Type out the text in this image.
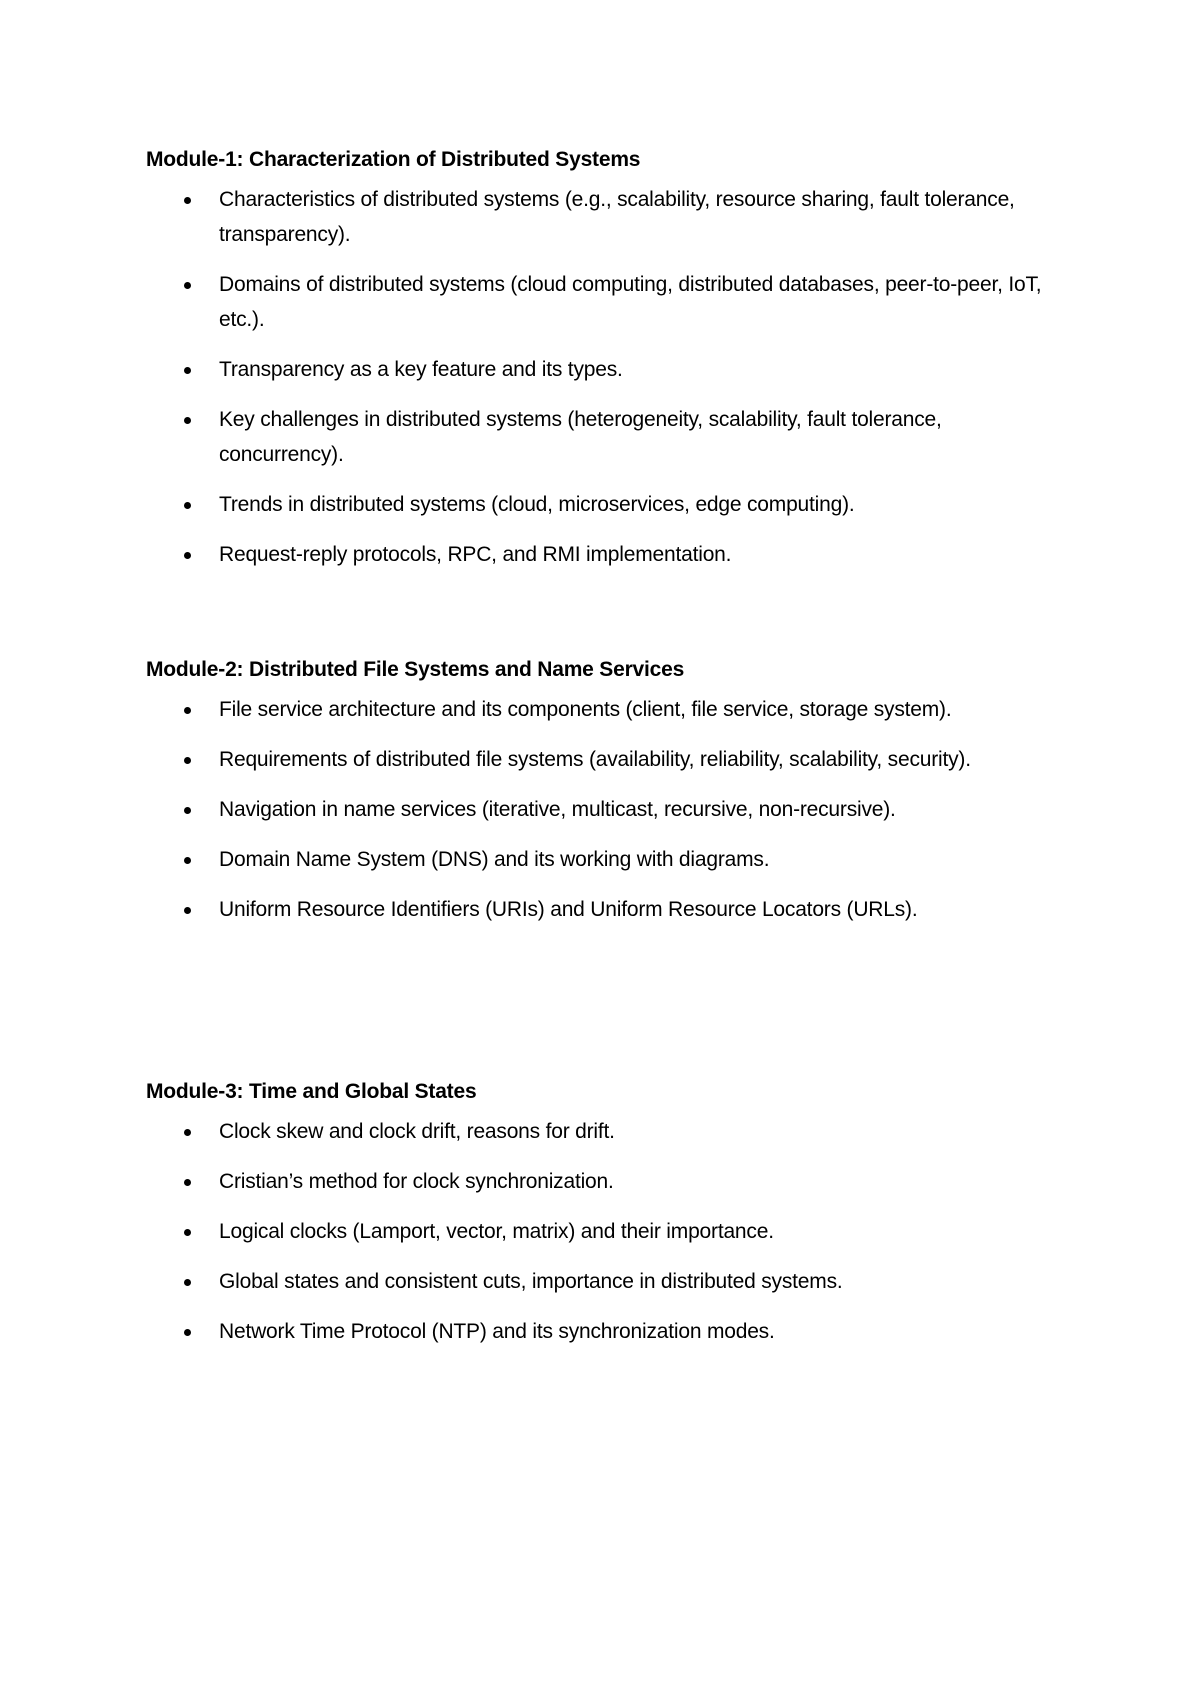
Module-1: Characterization of Distributed Systems
Characteristics of distributed systems (e.g., scalability, resource sharing, fault tolerance, transparency).
Domains of distributed systems (cloud computing, distributed databases, peer-to-peer, IoT, etc.).
Transparency as a key feature and its types.
Key challenges in distributed systems (heterogeneity, scalability, fault tolerance, concurrency).
Trends in distributed systems (cloud, microservices, edge computing).
Request-reply protocols, RPC, and RMI implementation.
Module-2: Distributed File Systems and Name Services
File service architecture and its components (client, file service, storage system).
Requirements of distributed file systems (availability, reliability, scalability, security).
Navigation in name services (iterative, multicast, recursive, non-recursive).
Domain Name System (DNS) and its working with diagrams.
Uniform Resource Identifiers (URIs) and Uniform Resource Locators (URLs).
Module-3: Time and Global States
Clock skew and clock drift, reasons for drift.
Cristian’s method for clock synchronization.
Logical clocks (Lamport, vector, matrix) and their importance.
Global states and consistent cuts, importance in distributed systems.
Network Time Protocol (NTP) and its synchronization modes.
